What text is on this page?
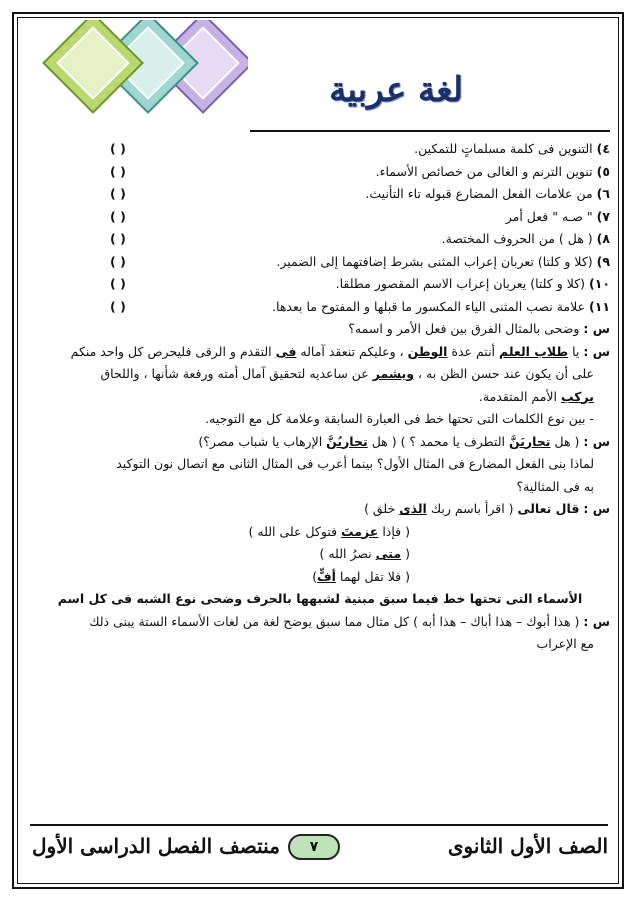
لغة عربية
٤) التنوين فى كلمة مسلماتٍ للتمكين.
( )
٥) تنوين الترنم و الغالى من خصائص الأسماء.
( )
٦) من علامات الفعل المضارع قبوله تاء التأنيث.
( )
٧) " صـه " فعل أمر
( )
٨) ( هل ) من الحروف المختصة.
( )
٩) (كلا و كلتا) تعربان إعراب المثنى بشرط إضافتهما إلى الضمير.
( )
١٠) (كلا و كلتا) يعربان إعراب الاسم المقصور مطلقا.
( )
١١) علامة نصب المثنى الياء المكسور ما قبلها و المفتوح ما بعدها.
( )
س : وضحى بالمثال الفرق بين فعل الأمر و اسمه؟
س : يا طلاب العلم أنتم عدة الوطن ، وعليكم تنعقد آماله فى التقدم و الرقى فليحرص كل واحد منكم
على أن يكون عند حسن الظن به ، ويشمر عن ساعديه لتحقيق آمال أمته ورفعة شأنها ، واللحاق
بركب الأمم المتقدمة.
- بين نوع الكلمات التى تحتها خط فى العبارة السابقة وعلامة كل مع التوجيه.
س : ( هل تحاربَنَّ التطرف يا محمد ؟ ) ( هل تحاربُنَّ الإرهاب يا شباب مصر؟)
لماذا بنى الفعل المضارع فى المثال الأول؟ بينما أعرب فى المثال الثانى مع اتصال نون التوكيد
به فى المثالية؟
س : قال تعالى ( اقرأ باسم ربك الذى خلق )
( فإذا عزمتَ فتوكل على الله )
( متى نصرُ الله )
( فلا تقل لهما أفٍّ)
الأسماء التى تحتها خط فيما سبق مبنية لشبهها بالحرف وضحى نوع الشبه فى كل اسم
س : ( هذا أبوك – هذا أباك – هذا أبه ) كل مثال مما سبق يوضح لغة من لغات الأسماء الستة يبنى ذلك
مع الإعراب
الصف الأول الثانوى
٧
منتصف الفصل الدراسى الأول
